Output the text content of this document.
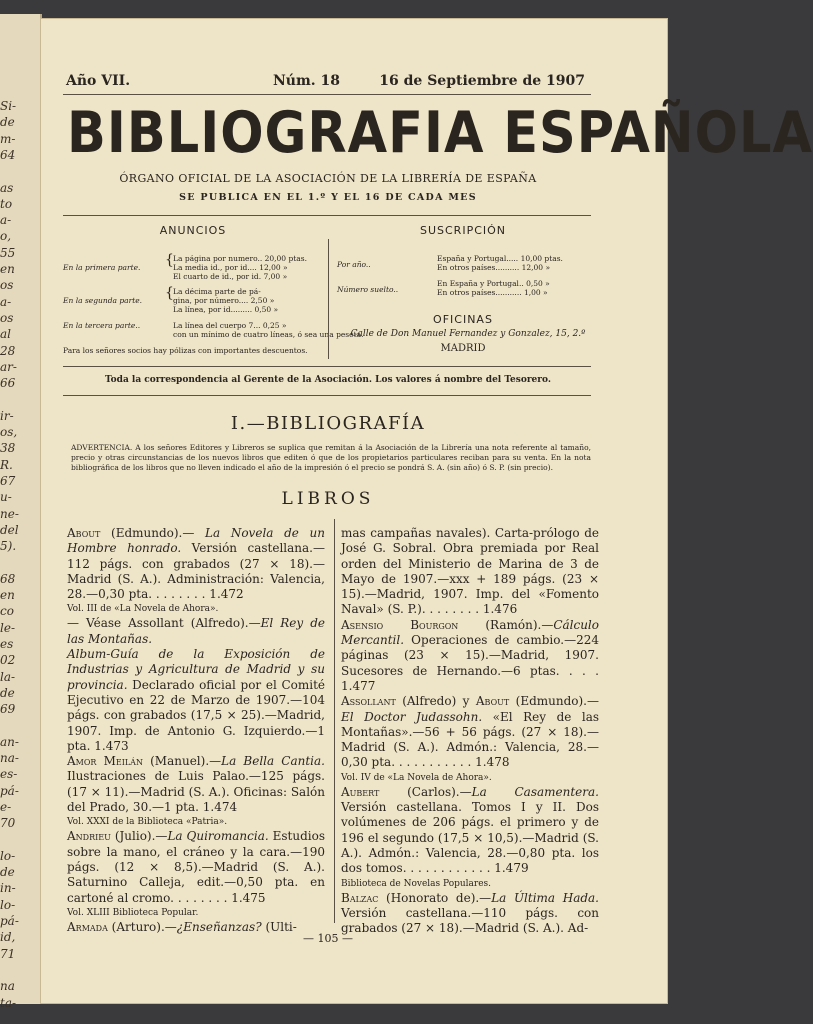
Si-
de
m-
64
as
to
a-
o,
55
en
os
a-
os
al
28
ar-
66
ir-
os,
38
R.
67
u-
ne-
del
5).
68
en
co
le-
es
02
la-
de
69
an-
na-
es-
pá-
e-
70
lo-
de
in-
lo-
pá-
id,
71
na
ta-
Año VII.	Núm. 18	16 de Septiembre de 1907
BIBLIOGRAFIA ESPAÑOLA
ÓRGANO OFICIAL DE LA ASOCIACIÓN DE LA LIBRERÍA DE ESPAÑA
SE PUBLICA EN EL 1.º Y EL 16 DE CADA MES
ANUNCIOS
En la primera parte. { La página por numero.. 20,00 ptas.
La media id., por id.... 12,00 »
El cuarto de id., por id. 7,00 »
En la segunda parte. { La décima parte de pá-
gina, por número.... 2,50 »
La línea, por id......... 0,50 »
En la tercera parte..	La línea del cuerpo 7... 0,25 »
con un mínimo de cuatro líneas, ó sea una peseta.
Para los señores socios hay pólizas con importantes descuentos.
SUSCRIPCIÓN
Por año..
España y Portugal..... 10,00 ptas.
En otros países.......... 12,00 »
Número suelto..
En España y Portugal.. 0,50 »
En otros países........... 1,00 »
OFICINAS
Calle de Don Manuel Fernandez y Gonzalez, 15, 2.º
MADRID
Toda la correspondencia al Gerente de la Asociación. Los valores á nombre del Tesorero.
I.—BIBLIOGRAFÍA
ADVERTENCIA. A los señores Editores y Libreros se suplica que remitan á la Asociación de la Librería una nota referente al tamaño, precio y otras circunstancias de los nuevos libros que editen ó que de los propietarios particulares reciban para su venta. En la nota bibliográfica de los libros que no lleven indicado el año de la impresión ó el precio se pondrá S. A. (sin año) ó S. P. (sin precio).
LIBROS

About (Edmundo).— La Novela de un Hombre honrado. Versión castellana.—112 págs. con grabados (27 × 18).—Madrid (S. A.). Administración: Valencia, 28.—0,30 pta. . . . . . . . 1.472

Vol. III de «La Novela de Ahora».

— Véase Assollant (Alfredo).—El Rey de las Montañas.

Album-Guía de la Exposición de Industrias y Agricultura de Madrid y su provincia. Declarado oficial por el Comité Ejecutivo en 22 de Marzo de 1907.—104 págs. con grabados (17,5 × 25).—Madrid, 1907. Imp. de Antonio G. Izquierdo.—1 pta. 1.473

Amor Meilán (Manuel).—La Bella Cantia. Ilustraciones de Luis Palao.—125 págs. (17 × 11).—Madrid (S. A.). Oficinas: Salón del Prado, 30.—1 pta. 1.474

Vol. XXXI de la Biblioteca «Patria».

Andrieu (Julio).—La Quiromancia. Estudios sobre la mano, el cráneo y la cara.—190 págs. (12 × 8,5).—Madrid (S. A.). Saturnino Calleja, edit.—0,50 pta. en cartoné al cromo. . . . . . . . 1.475

Vol. XLIII Biblioteca Popular.

Armada (Arturo).—¿Enseñanzas? (Ulti-

mas campañas navales). Carta-prólogo de José G. Sobral. Obra premiada por Real orden del Ministerio de Marina de 3 de Mayo de 1907.—xxx + 189 págs. (23 × 15).—Madrid, 1907. Imp. del «Fomento Naval» (S. P.). . . . . . . . 1.476

Asensio Bourgon (Ramón).—Cálculo Mercantil. Operaciones de cambio.—224 páginas (23 × 15).—Madrid, 1907. Sucesores de Hernando.—6 ptas. . . . 1.477

Assollant (Alfredo) y About (Edmundo).—El Doctor Judassohn. «El Rey de las Montañas».—56 + 56 págs. (27 × 18).—Madrid (S. A.). Admón.: Valencia, 28.—0,30 pta. . . . . . . . . . . 1.478

Vol. IV de «La Novela de Ahora».

Aubert (Carlos).—La Casamentera. Versión castellana. Tomos I y II. Dos volúmenes de 206 págs. el primero y de 196 el segundo (17,5 × 10,5).—Madrid (S. A.). Admón.: Valencia, 28.—0,80 pta. los dos tomos. . . . . . . . . . . . 1.479

Biblioteca de Novelas Populares.

Balzac (Honorato de).—La Última Hada. Versión castellana.—110 págs. con grabados (27 × 18).—Madrid (S. A.). Ad-

— 105 —
